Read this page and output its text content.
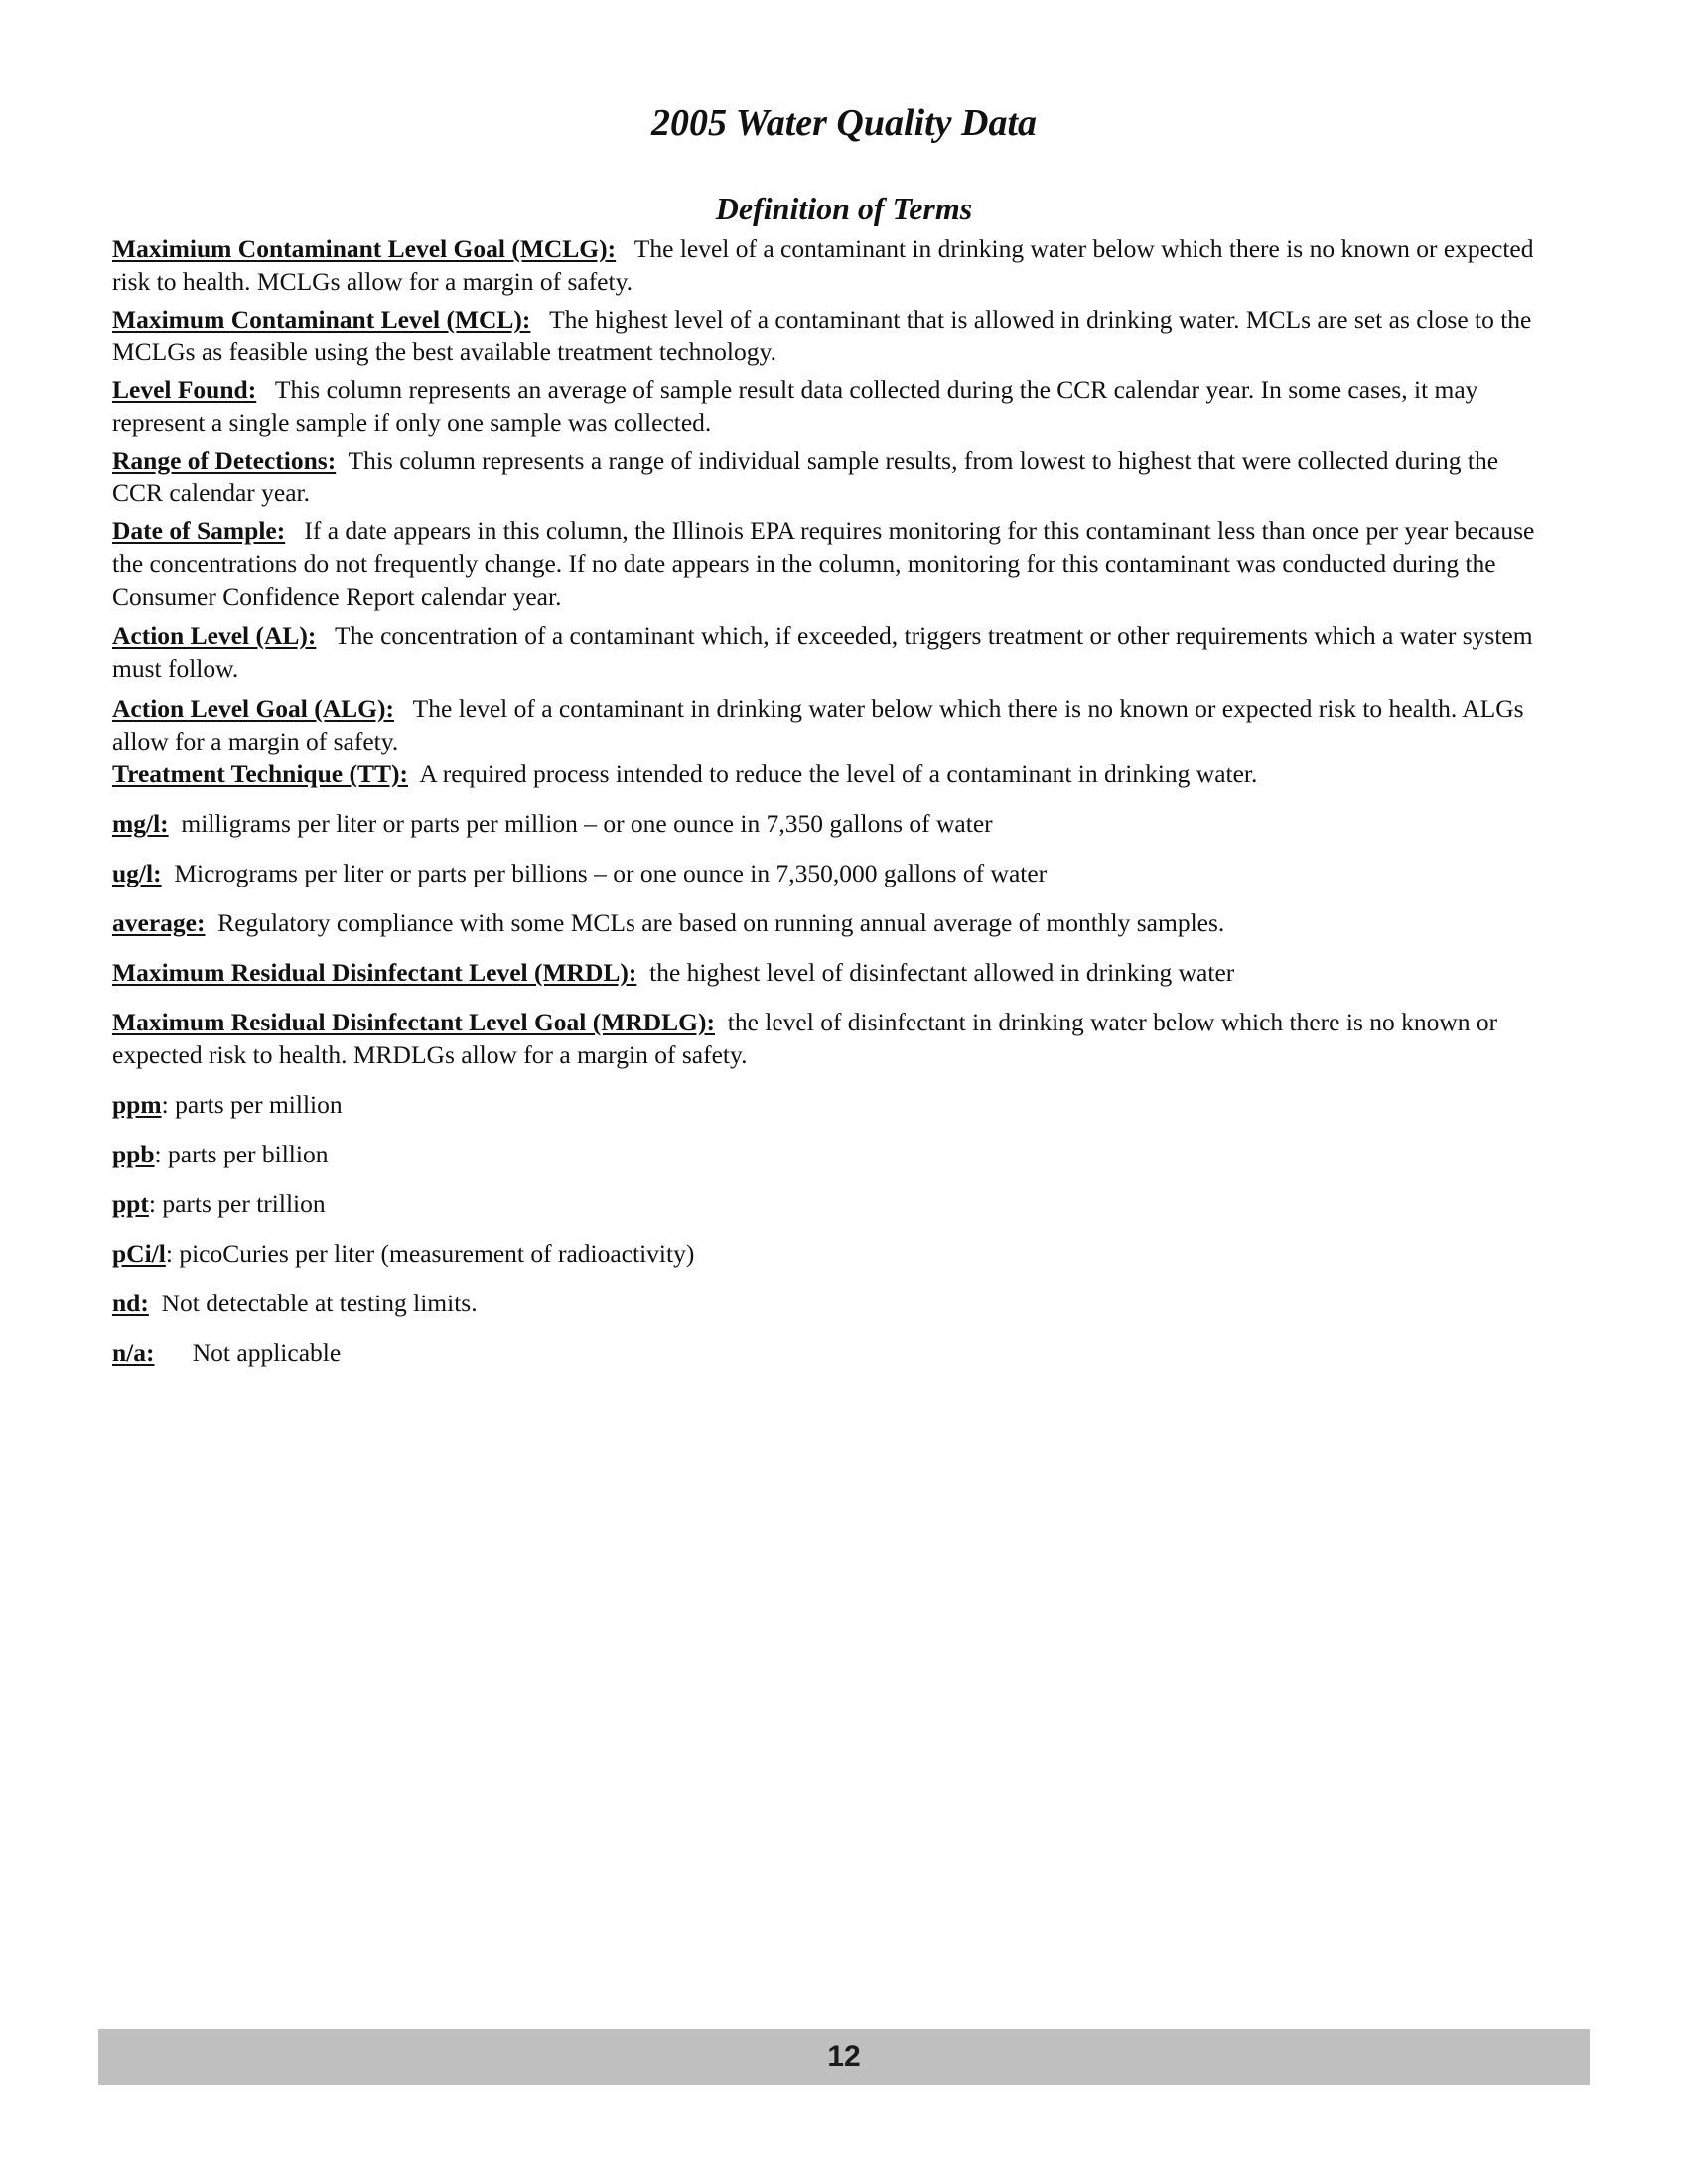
2005 Water Quality Data
Definition of Terms

Maximium Contaminant Level Goal (MCLG): The level of a contaminant in drinking water below which there is no known or expected risk to health. MCLGs allow for a margin of safety.

Maximum Contaminant Level (MCL): The highest level of a contaminant that is allowed in drinking water. MCLs are set as close to the MCLGs as feasible using the best available treatment technology.

Level Found: This column represents an average of sample result data collected during the CCR calendar year. In some cases, it may represent a single sample if only one sample was collected.

Range of Detections: This column represents a range of individual sample results, from lowest to highest that were collected during the CCR calendar year.

Date of Sample: If a date appears in this column, the Illinois EPA requires monitoring for this contaminant less than once per year because the concentrations do not frequently change. If no date appears in the column, monitoring for this contaminant was conducted during the Consumer Confidence Report calendar year.

Action Level (AL): The concentration of a contaminant which, if exceeded, triggers treatment or other requirements which a water system must follow.

Action Level Goal (ALG): The level of a contaminant in drinking water below which there is no known or expected risk to health. ALGs allow for a margin of safety.

Treatment Technique (TT): A required process intended to reduce the level of a contaminant in drinking water.

mg/l: milligrams per liter or parts per million – or one ounce in 7,350 gallons of water

ug/l: Micrograms per liter or parts per billions – or one ounce in 7,350,000 gallons of water

average: Regulatory compliance with some MCLs are based on running annual average of monthly samples.

Maximum Residual Disinfectant Level (MRDL): the highest level of disinfectant allowed in drinking water

Maximum Residual Disinfectant Level Goal (MRDLG): the level of disinfectant in drinking water below which there is no known or expected risk to health. MRDLGs allow for a margin of safety.

ppm: parts per million

ppb: parts per billion

ppt: parts per trillion

pCi/l: picoCuries per liter (measurement of radioactivity)

nd: Not detectable at testing limits.

n/a: Not applicable

12
